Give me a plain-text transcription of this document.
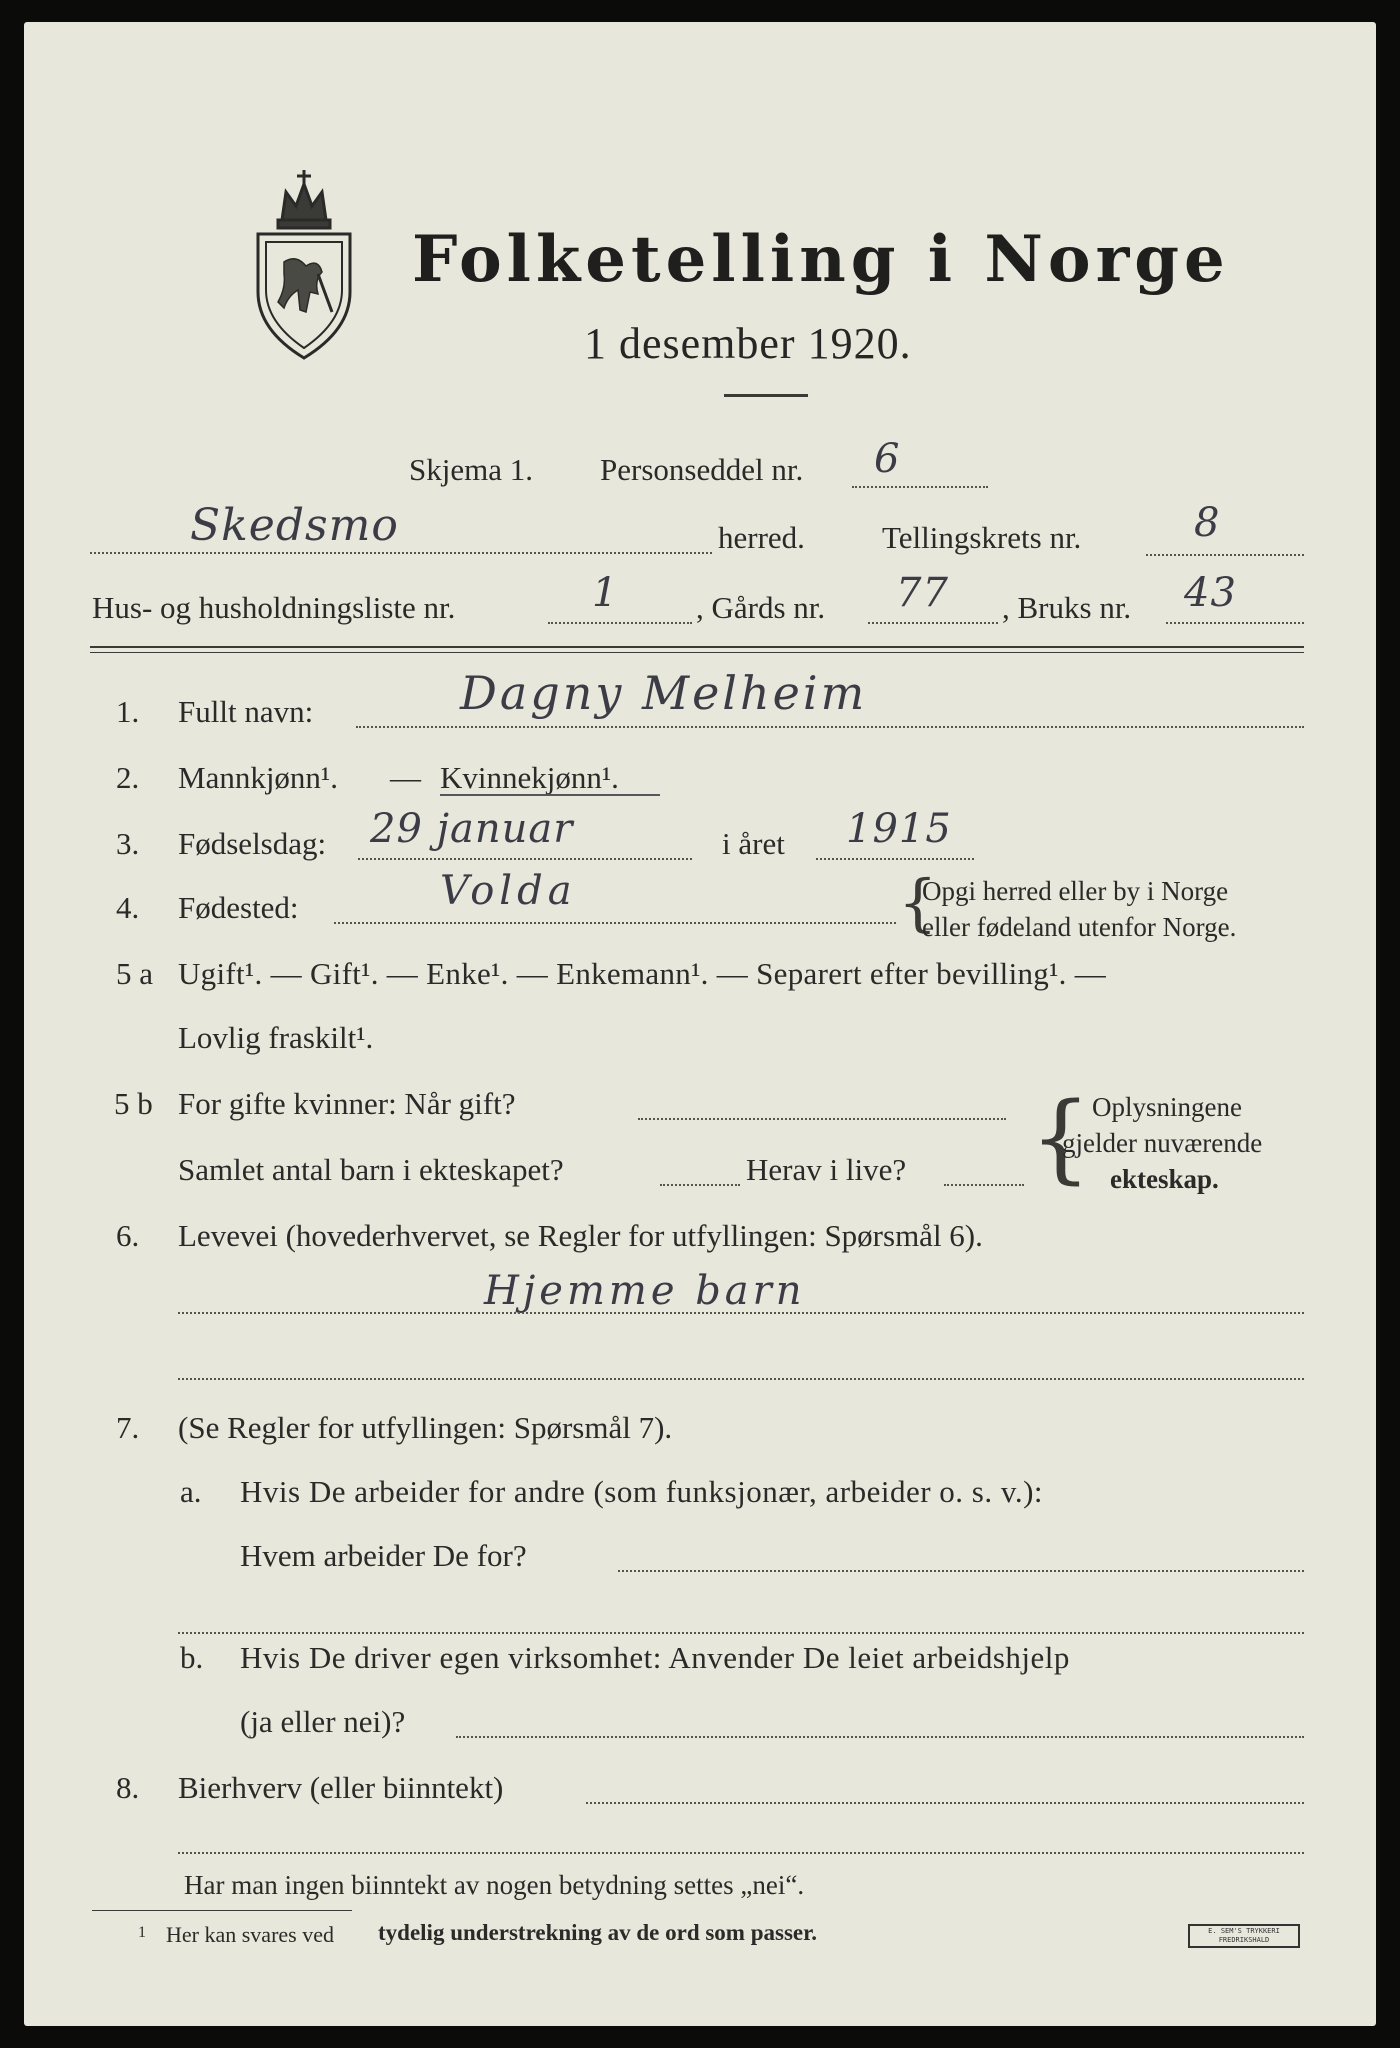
Folketelling i Norge
1 desember 1920.
Skjema 1. Personseddel nr. 6
Skedsmo	herred. Tellingskrets nr.	8
Hus- og husholdningsliste nr.	1	, Gårds nr. 77 , Bruks nr. 43
1. Fullt navn:	Dagny Melheim
2. Mannkjønn¹. — Kvinnekjønn¹.
3. Fødselsdag: 29 januar	i året 1915
4. Fødested:	Volda	{
Opgi herred eller by i Norge
eller fødeland utenfor Norge.
5 a Ugift¹. — Gift¹. — Enke¹. — Enkemann¹. — Separert efter bevilling¹. —
Lovlig fraskilt¹.
5 b For gifte kvinner: Når gift?
Samlet antal barn i ekteskapet?	Herav i live? { Oplysningene
gjelder nuværende
ekteskap.
6. Levevei (hovederhvervet, se Regler for utfyllingen: Spørsmål 6).
Hjemme barn
7. (Se Regler for utfyllingen: Spørsmål 7).
a. Hvis De arbeider for andre (som funksjonær, arbeider o. s. v.):
Hvem arbeider De for?
b. Hvis De driver egen virksomhet: Anvender De leiet arbeidshjelp
(ja eller nei)?
8. Bierhverv (eller biinntekt)
Har man ingen biinntekt av nogen betydning settes „nei“.
1 Her kan svares ved tydelig understrekning av de ord som passer.	E. SEM'S TRYKKERI FREDRIKSHALD
